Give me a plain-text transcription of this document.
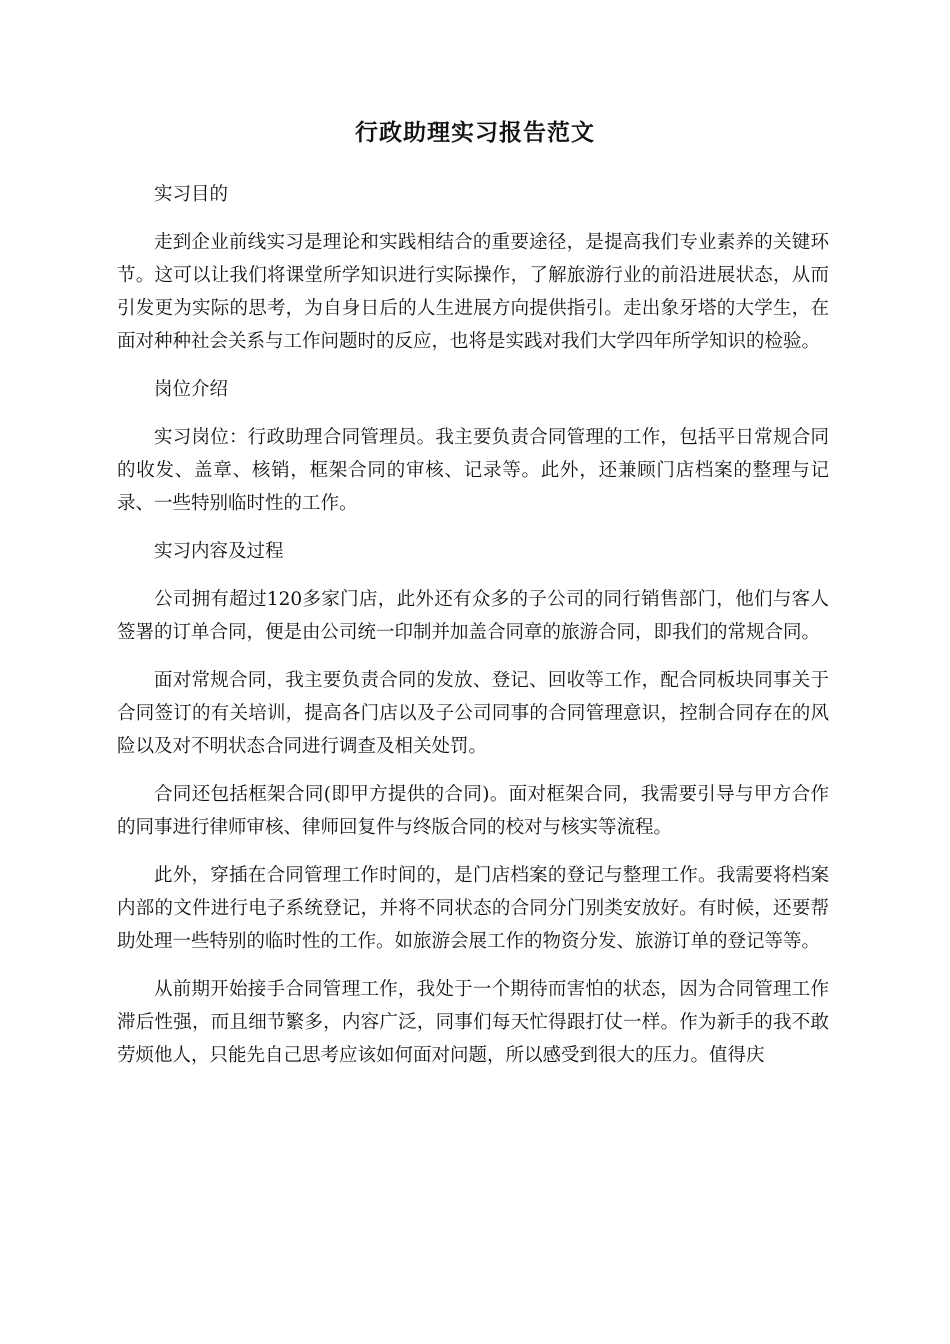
行政助理实习报告范文

实习目的

走到企业前线实习是理论和实践相结合的重要途径，是提高我们专业素养的关键环节。这可以让我们将课堂所学知识进行实际操作，了解旅游行业的前沿进展状态，从而引发更为实际的思考，为自身日后的人生进展方向提供指引。走出象牙塔的大学生，在面对种种社会关系与工作问题时的反应，也将是实践对我们大学四年所学知识的检验。

岗位介绍

实习岗位：行政助理合同管理员。我主要负责合同管理的工作，包括平日常规合同的收发、盖章、核销，框架合同的审核、记录等。此外，还兼顾门店档案的整理与记录、一些特别临时性的工作。

实习内容及过程

公司拥有超过120多家门店，此外还有众多的子公司的同行销售部门，他们与客人签署的订单合同，便是由公司统一印制并加盖合同章的旅游合同，即我们的常规合同。

面对常规合同，我主要负责合同的发放、登记、回收等工作，配合同板块同事关于合同签订的有关培训，提高各门店以及子公司同事的合同管理意识，控制合同存在的风险以及对不明状态合同进行调查及相关处罚。

合同还包括框架合同(即甲方提供的合同)。面对框架合同，我需要引导与甲方合作的同事进行律师审核、律师回复件与终版合同的校对与核实等流程。

此外，穿插在合同管理工作时间的，是门店档案的登记与整理工作。我需要将档案内部的文件进行电子系统登记，并将不同状态的合同分门别类安放好。有时候，还要帮助处理一些特别的临时性的工作。如旅游会展工作的物资分发、旅游订单的登记等等。

从前期开始接手合同管理工作，我处于一个期待而害怕的状态，因为合同管理工作滞后性强，而且细节繁多，内容广泛，同事们每天忙得跟打仗一样。作为新手的我不敢劳烦他人，只能先自己思考应该如何面对问题，所以感受到很大的压力。值得庆
